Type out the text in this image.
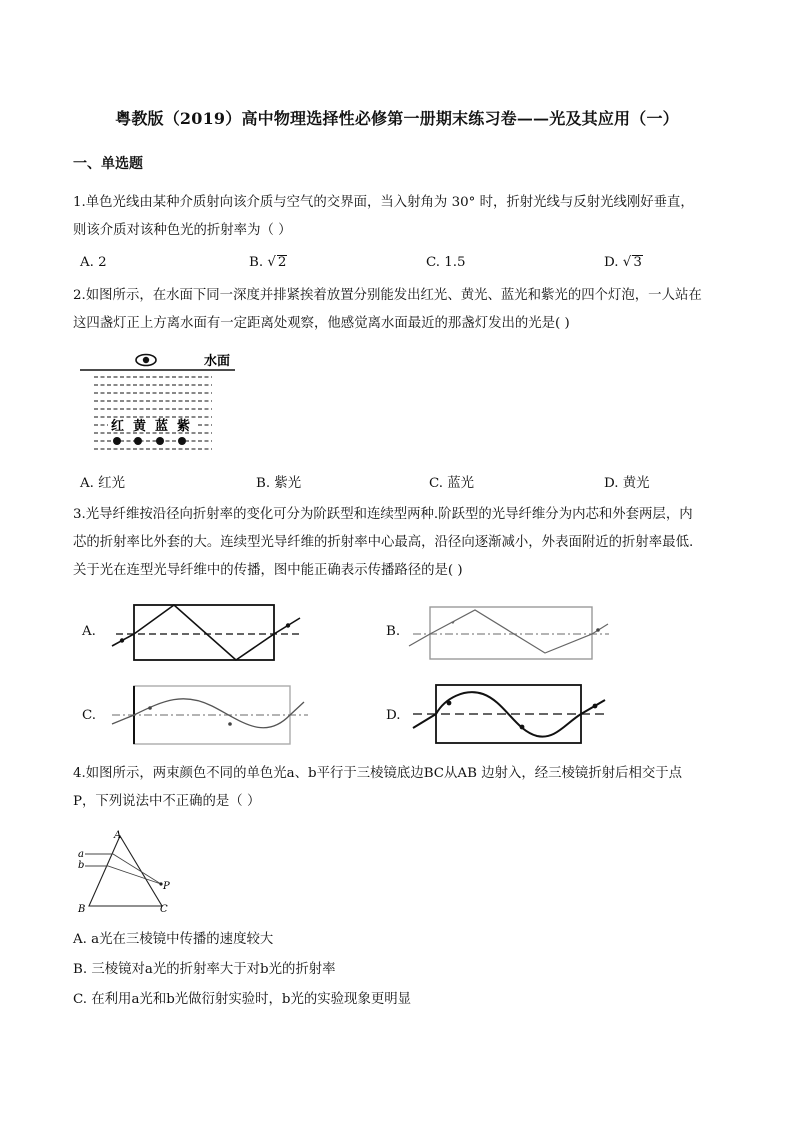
粤教版（2019）高中物理选择性必修第一册期末练习卷——光及其应用（一）
一、单选题
1.单色光线由某种介质射向该介质与空气的交界面，当入射角为 30° 时，折射光线与反射光线刚好垂直，
则该介质对该种色光的折射率为（ ）
A. 2	B. √ 2	C. 1.5	D. √ 3
2.如图所示，在水面下同一深度并排紧挨着放置分别能发出红光、黄光、蓝光和紫光的四个灯泡，一人站在
这四盏灯正上方离水面有一定距离处观察，他感觉离水面最近的那盏灯发出的光是( )
水面
红 黄 蓝 紫
A. 红光	B. 紫光	C. 蓝光	D. 黄光
3.光导纤维按沿径向折射率的变化可分为阶跃型和连续型两种.阶跃型的光导纤维分为内芯和外套两层，内
芯的折射率比外套的大。连续型光导纤维的折射率中心最高，沿径向逐渐减小，外表面附近的折射率最低.
关于光在连型光导纤维中的传播，图中能正确表示传播路径的是( )
A.	B.
C.	D.
4.如图所示，两束颜色不同的单色光a、b平行于三棱镜底边BC从AB 边射入，经三棱镜折射后相交于点
P，下列说法中不正确的是（ ）
A
B	C
P
a
b
A. a光在三棱镜中传播的速度较大
B. 三棱镜对a光的折射率大于对b光的折射率
C. 在利用a光和b光做衍射实验时，b光的实验现象更明显
